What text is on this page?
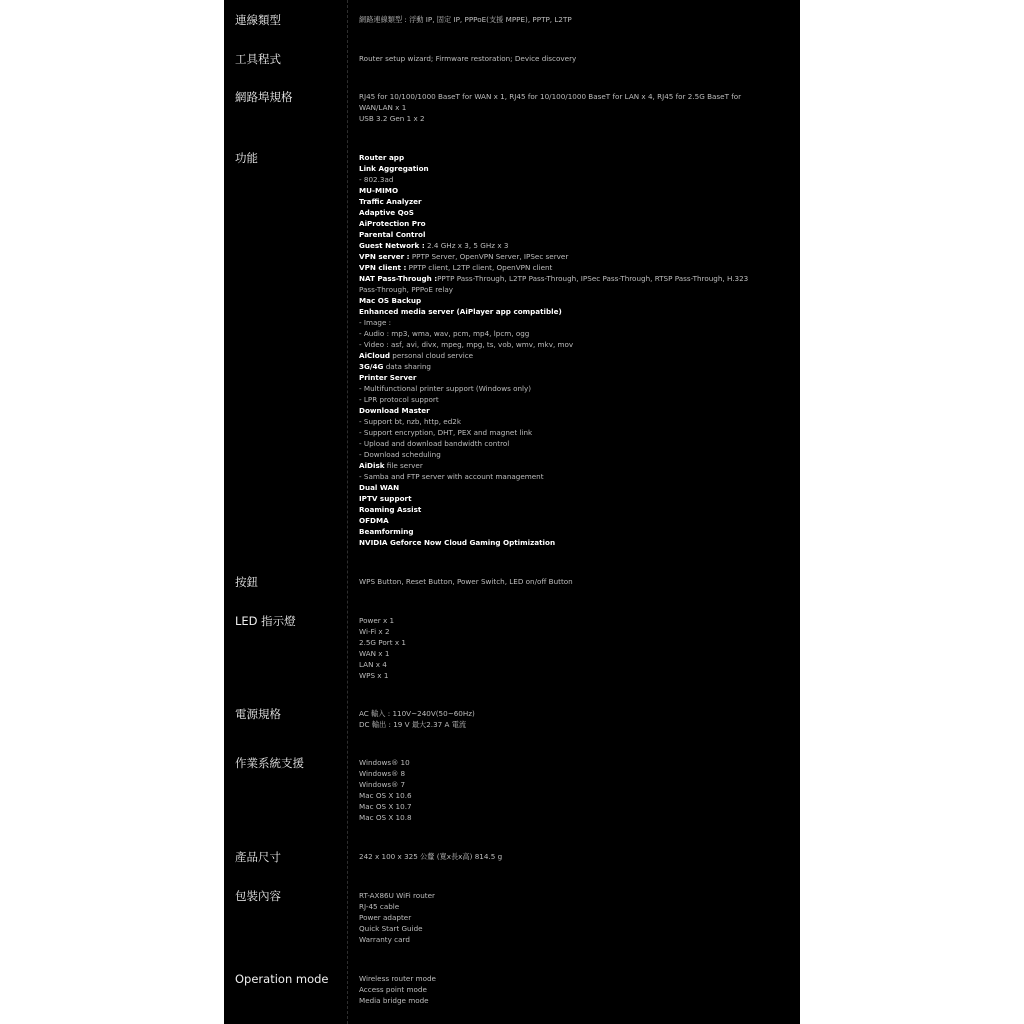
連線類型	網路連線類型 : 浮動 IP, 固定 IP, PPPoE(支援 MPPE), PPTP, L2TP
工具程式	Router setup wizard; Firmware restoration; Device discovery
網路埠規格	RJ45 for 10/100/1000 BaseT for WAN x 1, RJ45 for 10/100/1000 BaseT for LAN x 4, RJ45 for 2.5G BaseT for WAN/LAN x 1
USB 3.2 Gen 1 x 2
功能	Router app
Link Aggregation
- 802.3ad
MU-MIMO
Traffic Analyzer
Adaptive QoS
AiProtection Pro
Parental Control
Guest Network : 2.4 GHz x 3, 5 GHz x 3
VPN server : PPTP Server, OpenVPN Server, IPSec server
VPN client : PPTP client, L2TP client, OpenVPN client
NAT Pass-Through :PPTP Pass-Through, L2TP Pass-Through, IPSec Pass-Through, RTSP Pass-Through, H.323 Pass-Through, PPPoE relay
Mac OS Backup
Enhanced media server (AiPlayer app compatible)
- Image :
- Audio : mp3, wma, wav, pcm, mp4, lpcm, ogg
- Video : asf, avi, divx, mpeg, mpg, ts, vob, wmv, mkv, mov
AiCloud personal cloud service
3G/4G data sharing
Printer Server
- Multifunctional printer support (Windows only)
- LPR protocol support
Download Master
- Support bt, nzb, http, ed2k
- Support encryption, DHT, PEX and magnet link
- Upload and download bandwidth control
- Download scheduling
AiDisk file server
- Samba and FTP server with account management
Dual WAN
IPTV support
Roaming Assist
OFDMA
Beamforming
NVIDIA Geforce Now Cloud Gaming Optimization
按鈕	WPS Button, Reset Button, Power Switch, LED on/off Button
LED 指示燈	Power x 1
Wi-Fi x 2
2.5G Port x 1
WAN x 1
LAN x 4
WPS x 1
電源規格	AC 輸入 : 110V~240V(50~60Hz)
DC 輸出 : 19 V 最大2.37 A 電流
作業系統支援	Windows® 10
Windows® 8
Windows® 7
Mac OS X 10.6
Mac OS X 10.7
Mac OS X 10.8
產品尺寸	242 x 100 x 325 公釐 (寬x長x高) 814.5 g
包裝內容	RT-AX86U WiFi router
RJ-45 cable
Power adapter
Quick Start Guide
Warranty card
Operation mode	Wireless router mode
Access point mode
Media bridge mode
